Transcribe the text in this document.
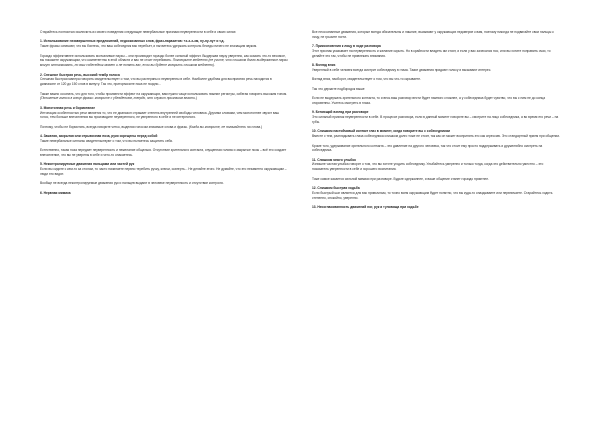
Старайтесь полностью исключить из своего поведения следующие невербальные признаки неуверенности в себе и своих силах:

1. Использование незавершенных предложений, недосказанных слов, фраз-паразитов: «э-э-э-эм, ну-ну-ну» и т.д.

Такие фразы означают, что вы боитесь, что ваш собеседник вас перебьет, и пытаетесь удержать контроль беседы ничего не значащим звуком.

Гораздо эффективнее использовать молчаливые паузы – они производят гораздо более сильный эффект. Выдержав паузу уверенно, как сказать что-то весомое, вы покажете окружающим, что компетентны в этой области и вас не стоит перебивать. Поговорите медленно (не учите, что слишком долго выдержанные паузы могут отталкивать, но ваш собеседник может и не понять вас, если вы будете говорить слишком медленно).

2. Спешное быстрая речь, высокий тембр голоса

Спешная быстрая манера говорить свидетельствует о том, что вы растеряны и неуверенны в себе. Наиболее удобная для восприятия речь находится в диапазоне от 120 до 150 слов в минуту. Так что, притормозите пока не поздно...

Также важно осознать, что для того, чтобы произвести эффект на окружающих, вам нужно чаще использовать нижние регистры, избегая говорить высоким тоном. (Понижение голоса в конце фразы: говорите с убеждением, твердо, это служит признаком власти.)

3. Монотонная речь и бормотание

Интонация особенностью речи является то, что ее диапазон отражает степень внутренней свободы человека. Другими словами, чем монотоннее звучит ваш голос, тем больше впечатления вы производите неуверенного, не уверенного в себе и не интересного.

Поэтому, чтобы не бормотать, всегда говорите четко, выделяя голосом значимые слова и фразы. (Когда вы говорите, не полагайтесь на слова.)

4. Зажатая, закрытая или отрывочная поза, руки скрещены перед собой

Такие невербальные сигналы свидетельствуют о том, что вы пытаетесь защитить себя.

Естественно, такая поза передает неуверенность и нежелание общаться. Отсутствие зрительного контакта, опущенная голова и закрытые позы – всё это создает впечатление, что вы не уверены в себе и чего-то опасаетесь.

5. Неконтролируемые движения пальцами или частей рук

Если вы сидите с кем-то за столом, то часто начинаете нервно теребить ручку, ключи, скатерть... Не делайте этого. Не думайте, что это незаметно окружающим – люди это видят.

Вообще не всегда неконтролируемые движения рук и пальцев выдают в человеке неуверенность и отсутствие контроля.

6. Нервная мимика

Все неосознанные движения, которые всегда обязательны и лишние, вызывают у окружающих недоверие к вам, поэтому никогда не подвигайте свои пальцы к лицу, не грызите ногти.

7. Прикосновения к лицу в ходе разговора

Этот признак указывает на неуверенность и желание скрыть. Но в крайности владеть им стоит, и если у вас зачесался нос, или вы хотите поправить очки, то делайте это так, чтобы не привлекать внимания.

8. Взгляд вниз

Уверенный в себе человек всегда смотрит собеседнику в глаза. Такие движения придают голосу и вызывают интерес.

Взгляд вниз, наоборот, свидетельствует о том, что вы что-то скрываете.

Так что держите подбородок выше

Если не выдержать зрительного контакта, то и весь ваш разговор вести будет намного сложнее, а у собеседника будет чувство, что вы с ним не до конца откровенны. Учитесь смотреть в глаза.

9. Бегающий взгляд при разговоре

Это сильный признак неуверенности в себе. В процессе разговора, если в данный момент говорите вы – смотрите на лицо собеседника, а во время его речи – на губы.

10. Слишком настойчивый контакт глаз в момент, когда говорите вы с собеседником

Вместе с тем, разглядывать глаза собеседника слишком долго тоже не стоит, так как он может воспринять это как агрессию. Это стандартный прием при общении.

Кроме того, удерживание зрительного контакта – это давление на другого человека, так что стоит ему просто поддерживать и дружелюбно смотреть на собеседника.

11. Слишком много улыбок

Излишне частая улыбка говорит о том, что вы хотите угодить собеседнику. Улыбайтесь умеренно и только тогда, когда это действительно уместно – это показатель уверенности в себе и хорошего воспитания.

Тоже самое касается сильной мимики при разговоре. Будьте сдержаннее, и ваше общение станет гораздо приятнее.

12. Слишком быстрая ходьба

Если быстрый шаг является для вас привычным, то точно всем окружающим будет понятно, что вы куда-то опаздываете или нервничаете. Старайтесь ходить степенно, спокойно, уверенно.

13. Несогласованность движений ног, рук и туловища при ходьбе
